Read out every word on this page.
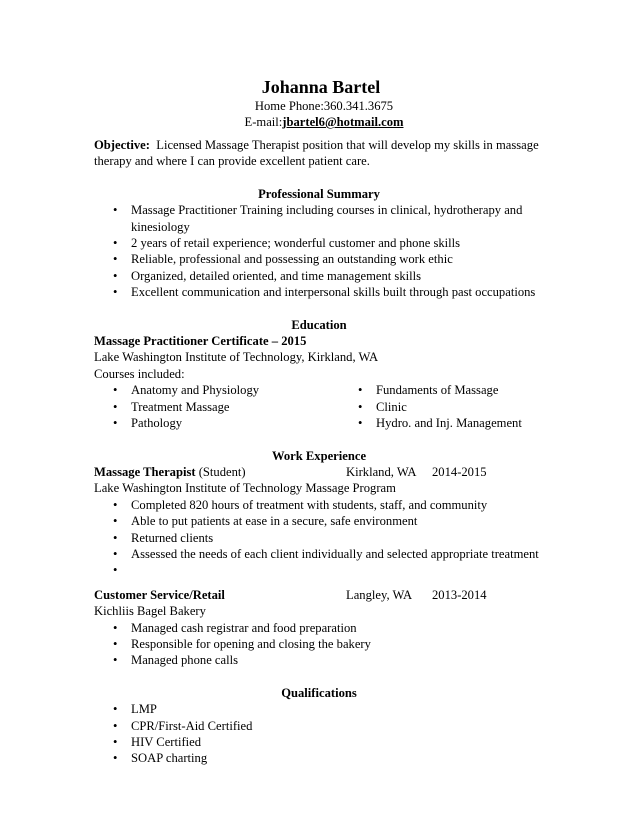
Johanna Bartel
Home Phone:360.341.3675
E-mail:jbartel6@hotmail.com

Objective: Licensed Massage Therapist position that will develop my skills in massage therapy and where I can provide excellent patient care.

Professional Summary
• Massage Practitioner Training including courses in clinical, hydrotherapy and kinesiology
• 2 years of retail experience; wonderful customer and phone skills
• Reliable, professional and possessing an outstanding work ethic
• Organized, detailed oriented, and time management skills
• Excellent communication and interpersonal skills built through past occupations
Education
Massage Practitioner Certificate – 2015
Lake Washington Institute of Technology, Kirkland, WA
Courses included:
• Anatomy and Physiology
• Treatment Massage
• Pathology
• Fundaments of Massage
• Clinic
• Hydro. and Inj. Management
Work Experience
Massage Therapist (Student)	Kirkland, WA	2014-2015
Lake Washington Institute of Technology Massage Program
• Completed 820 hours of treatment with students, staff, and community
• Able to put patients at ease in a secure, safe environment
• Returned clients
• Assessed the needs of each client individually and selected appropriate treatment
•
Customer Service/Retail	Langley, WA	2013-2014
Kichliis Bagel Bakery
• Managed cash registrar and food preparation
• Responsible for opening and closing the bakery
• Managed phone calls
Qualifications
• LMP
• CPR/First-Aid Certified
• HIV Certified
• SOAP charting
